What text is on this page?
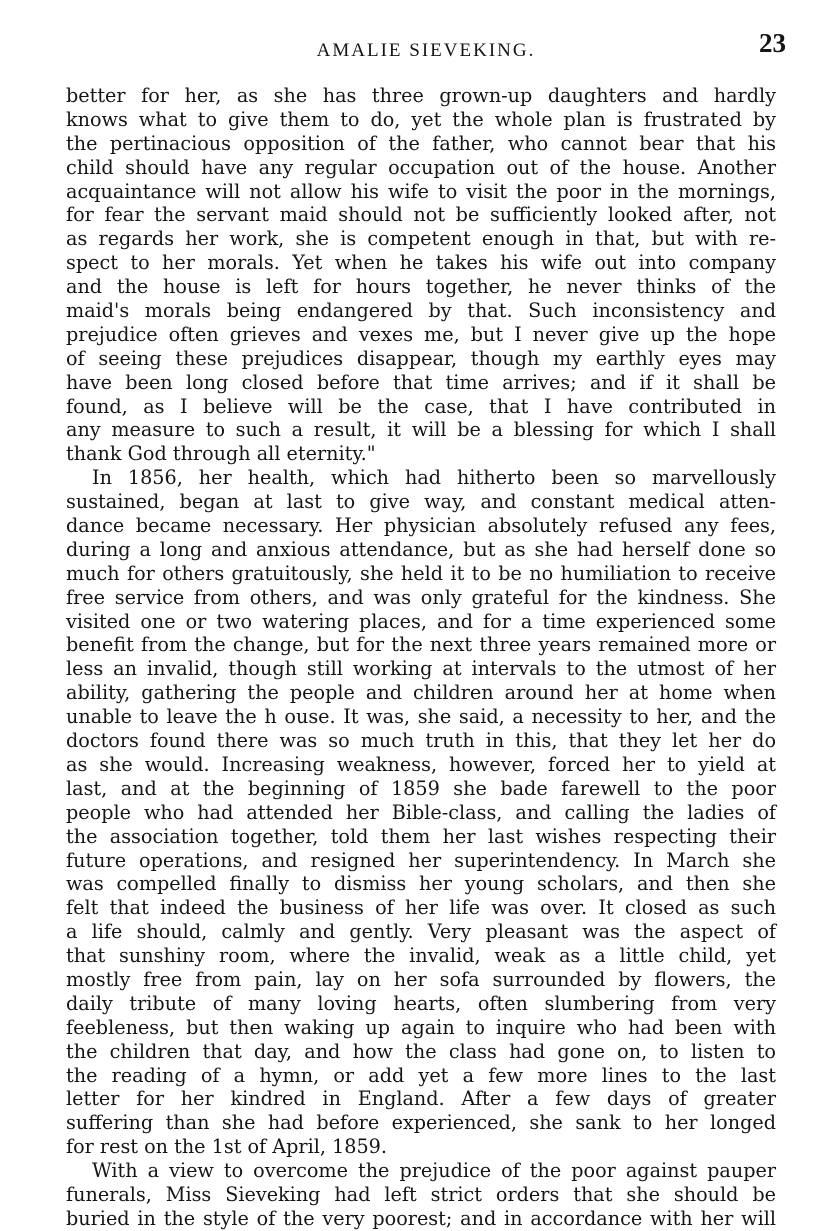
AMALIE SIEVEKING.	23
better for her, as she has three grown-up daughters and hardly
knows what to give them to do, yet the whole plan is frustrated by
the pertinacious opposition of the father, who cannot bear that his
child should have any regular occupation out of the house. Another
acquaintance will not allow his wife to visit the poor in the mornings,
for fear the servant maid should not be sufficiently looked after, not
as regards her work, she is competent enough in that, but with re-
spect to her morals. Yet when he takes his wife out into company
and the house is left for hours together, he never thinks of the
maid's morals being endangered by that. Such inconsistency and
prejudice often grieves and vexes me, but I never give up the hope
of seeing these prejudices disappear, though my earthly eyes may
have been long closed before that time arrives; and if it shall be
found, as I believe will be the case, that I have contributed in
any measure to such a result, it will be a blessing for which I shall
thank God through all eternity."
In 1856, her health, which had hitherto been so marvellously
sustained, began at last to give way, and constant medical atten-
dance became necessary. Her physician absolutely refused any fees,
during a long and anxious attendance, but as she had herself done so
much for others gratuitously, she held it to be no humiliation to receive
free service from others, and was only grateful for the kindness. She
visited one or two watering places, and for a time experienced some
benefit from the change, but for the next three years remained more or
less an invalid, though still working at intervals to the utmost of her
ability, gathering the people and children around her at home when
unable to leave the h ouse. It was, she said, a necessity to her, and the
doctors found there was so much truth in this, that they let her do
as she would. Increasing weakness, however, forced her to yield at
last, and at the beginning of 1859 she bade farewell to the poor
people who had attended her Bible-class, and calling the ladies of
the association together, told them her last wishes respecting their
future operations, and resigned her superintendency. In March she
was compelled finally to dismiss her young scholars, and then she
felt that indeed the business of her life was over. It closed as such
a life should, calmly and gently. Very pleasant was the aspect of
that sunshiny room, where the invalid, weak as a little child, yet
mostly free from pain, lay on her sofa surrounded by flowers, the
daily tribute of many loving hearts, often slumbering from very
feebleness, but then waking up again to inquire who had been with
the children that day, and how the class had gone on, to listen to
the reading of a hymn, or add yet a few more lines to the last
letter for her kindred in England. After a few days of greater
suffering than she had before experienced, she sank to her longed
for rest on the 1st of April, 1859.
With a view to overcome the prejudice of the poor against pauper
funerals, Miss Sieveking had left strict orders that she should be
buried in the style of the very poorest; and in accordance with her will
